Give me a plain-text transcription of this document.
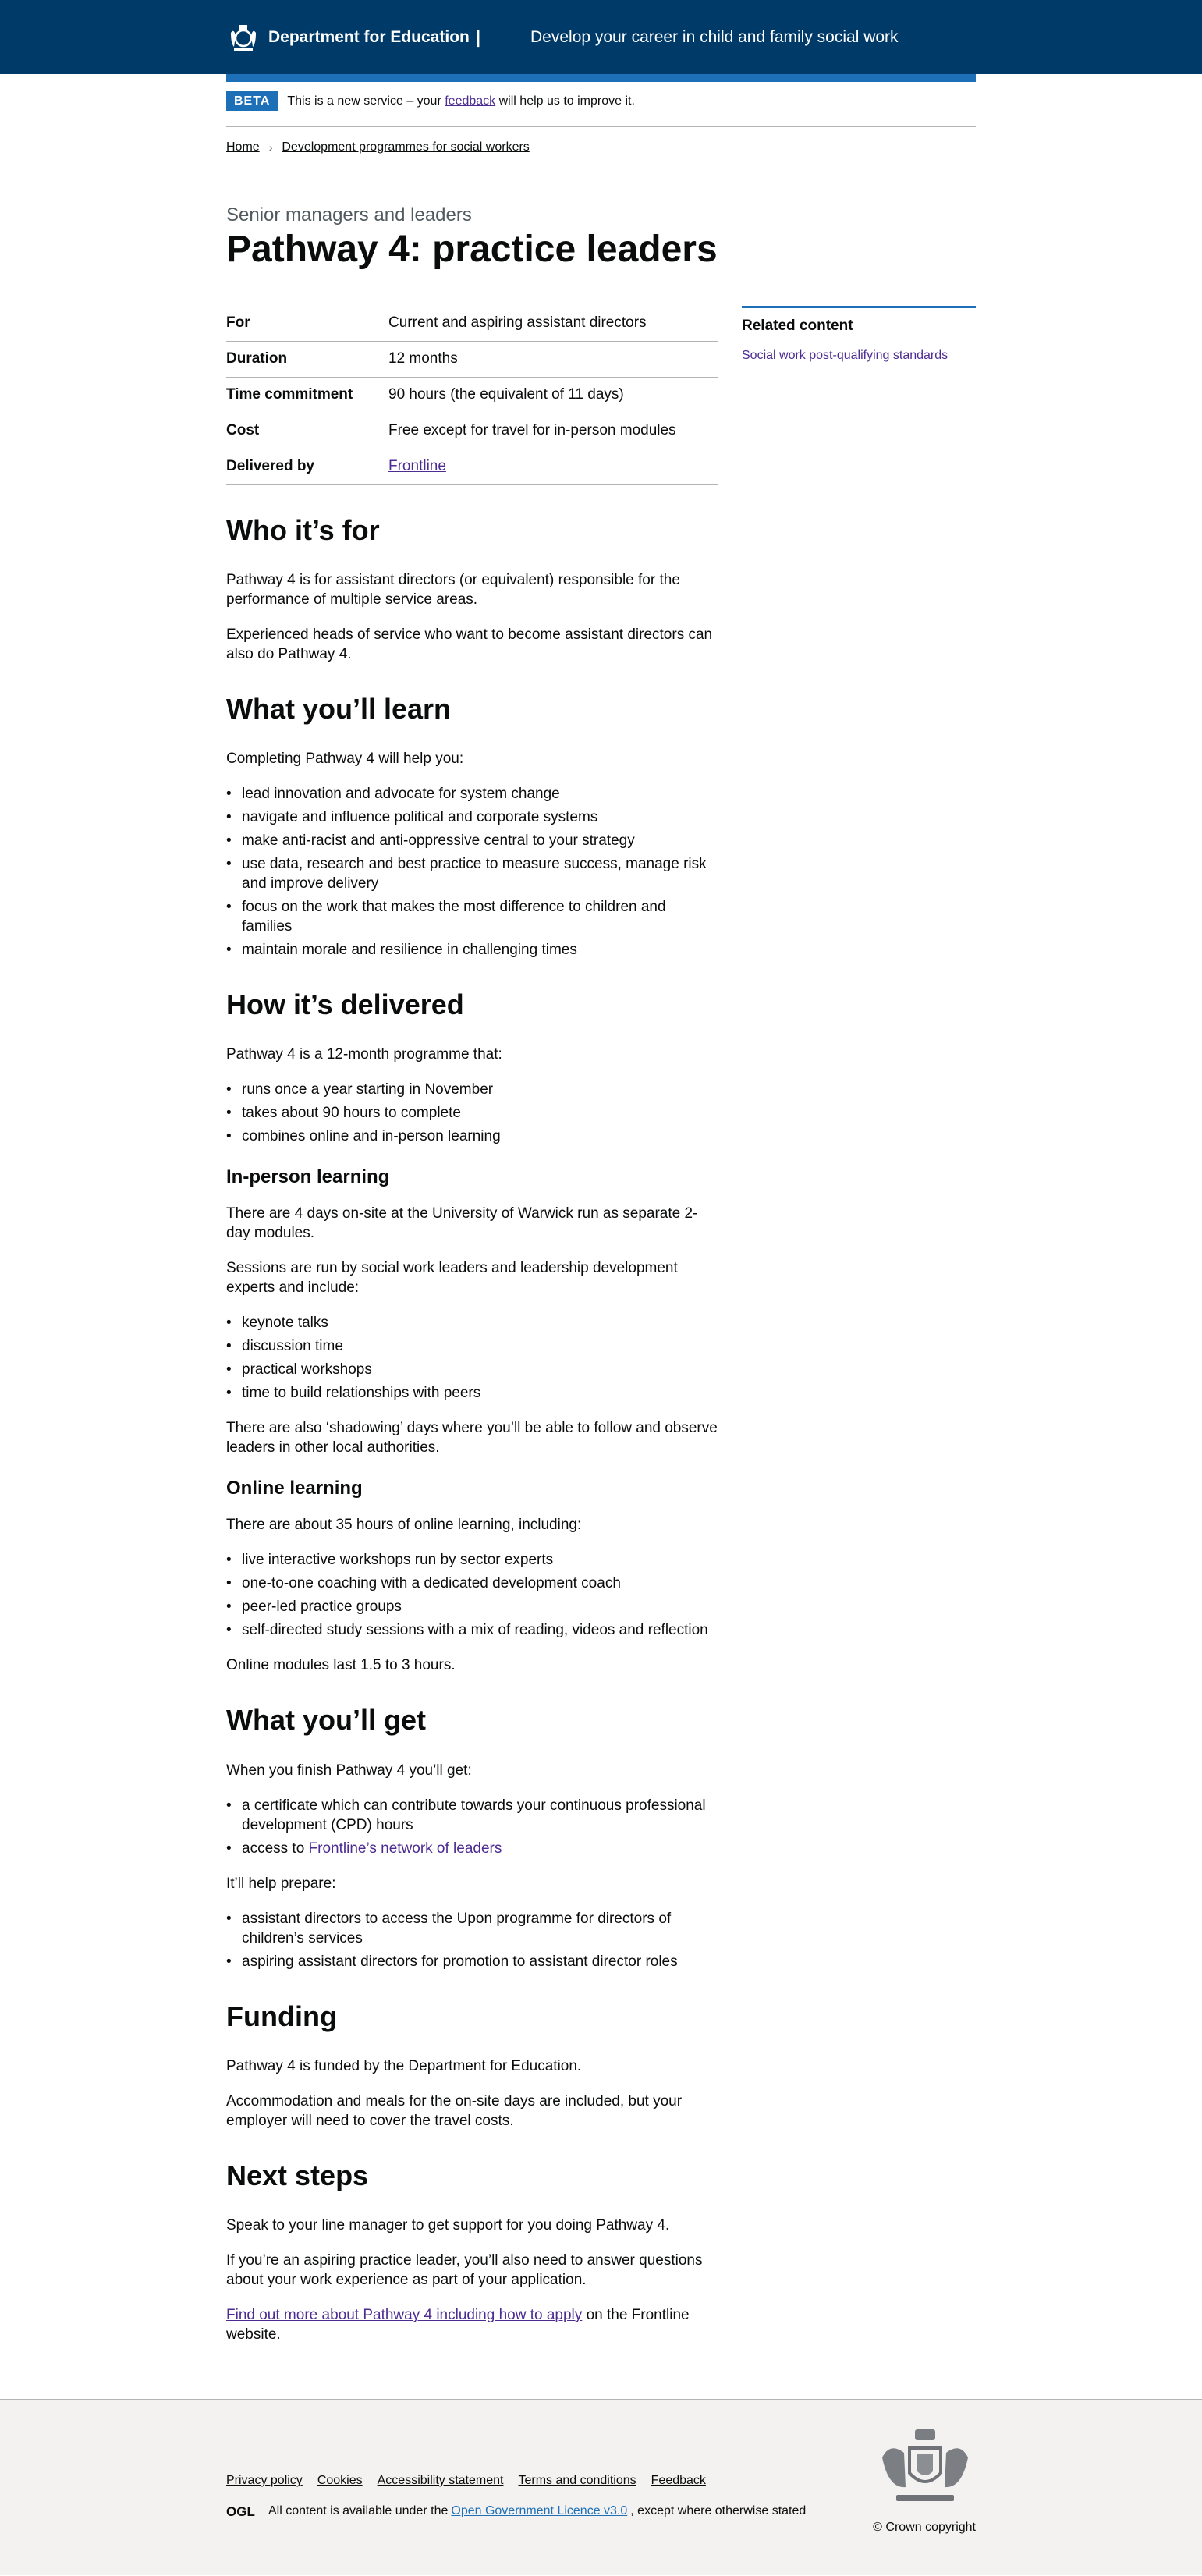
Department for Education |	Develop your career in child and family social work
BETA	This is a new service – your feedback will help us to improve it.
Home › Development programmes for social workers
Senior managers and leaders
Pathway 4: practice leaders
For	Current and aspiring assistant directors
Duration	12 months
Time commitment	90 hours (the equivalent of 11 days)
Cost	Free except for travel for in-person modules
Delivered by	Frontline
Who it’s for

Pathway 4 is for assistant directors (or equivalent) responsible for the performance of multiple service areas.

Experienced heads of service who want to become assistant directors can also do Pathway 4.

What you’ll learn

Completing Pathway 4 will help you:

• lead innovation and advocate for system change
• navigate and influence political and corporate systems
• make anti-racist and anti-oppressive central to your strategy
• use data, research and best practice to measure success, manage risk and improve delivery
• focus on the work that makes the most difference to children and families
• maintain morale and resilience in challenging times
How it’s delivered

Pathway 4 is a 12-month programme that:

• runs once a year starting in November
• takes about 90 hours to complete
• combines online and in-person learning
In-person learning

There are 4 days on-site at the University of Warwick run as separate 2-day modules.

Sessions are run by social work leaders and leadership development experts and include:

• keynote talks
• discussion time
• practical workshops
• time to build relationships with peers

There are also ‘shadowing’ days where you’ll be able to follow and observe leaders in other local authorities.

Online learning

There are about 35 hours of online learning, including:

• live interactive workshops run by sector experts
• one-to-one coaching with a dedicated development coach
• peer-led practice groups
• self-directed study sessions with a mix of reading, videos and reflection

Online modules last 1.5 to 3 hours.

What you’ll get

When you finish Pathway 4 you’ll get:

• a certificate which can contribute towards your continuous professional development (CPD) hours
• access to Frontline’s network of leaders

It’ll help prepare:

• assistant directors to access the Upon programme for directors of children’s services
• aspiring assistant directors for promotion to assistant director roles
Funding

Pathway 4 is funded by the Department for Education.

Accommodation and meals for the on-site days are included, but your employer will need to cover the travel costs.

Next steps

Speak to your line manager to get support for you doing Pathway 4.

If you’re an aspiring practice leader, you’ll also need to answer questions about your work experience as part of your application.

Find out more about Pathway 4 including how to apply on the Frontline website.

Related content
Social work post-qualifying standards
Privacy policy Cookies Accessibility statement Terms and conditions Feedback
OGL All content is available under the Open Government Licence v3.0 , except where otherwise stated
© Crown copyright
